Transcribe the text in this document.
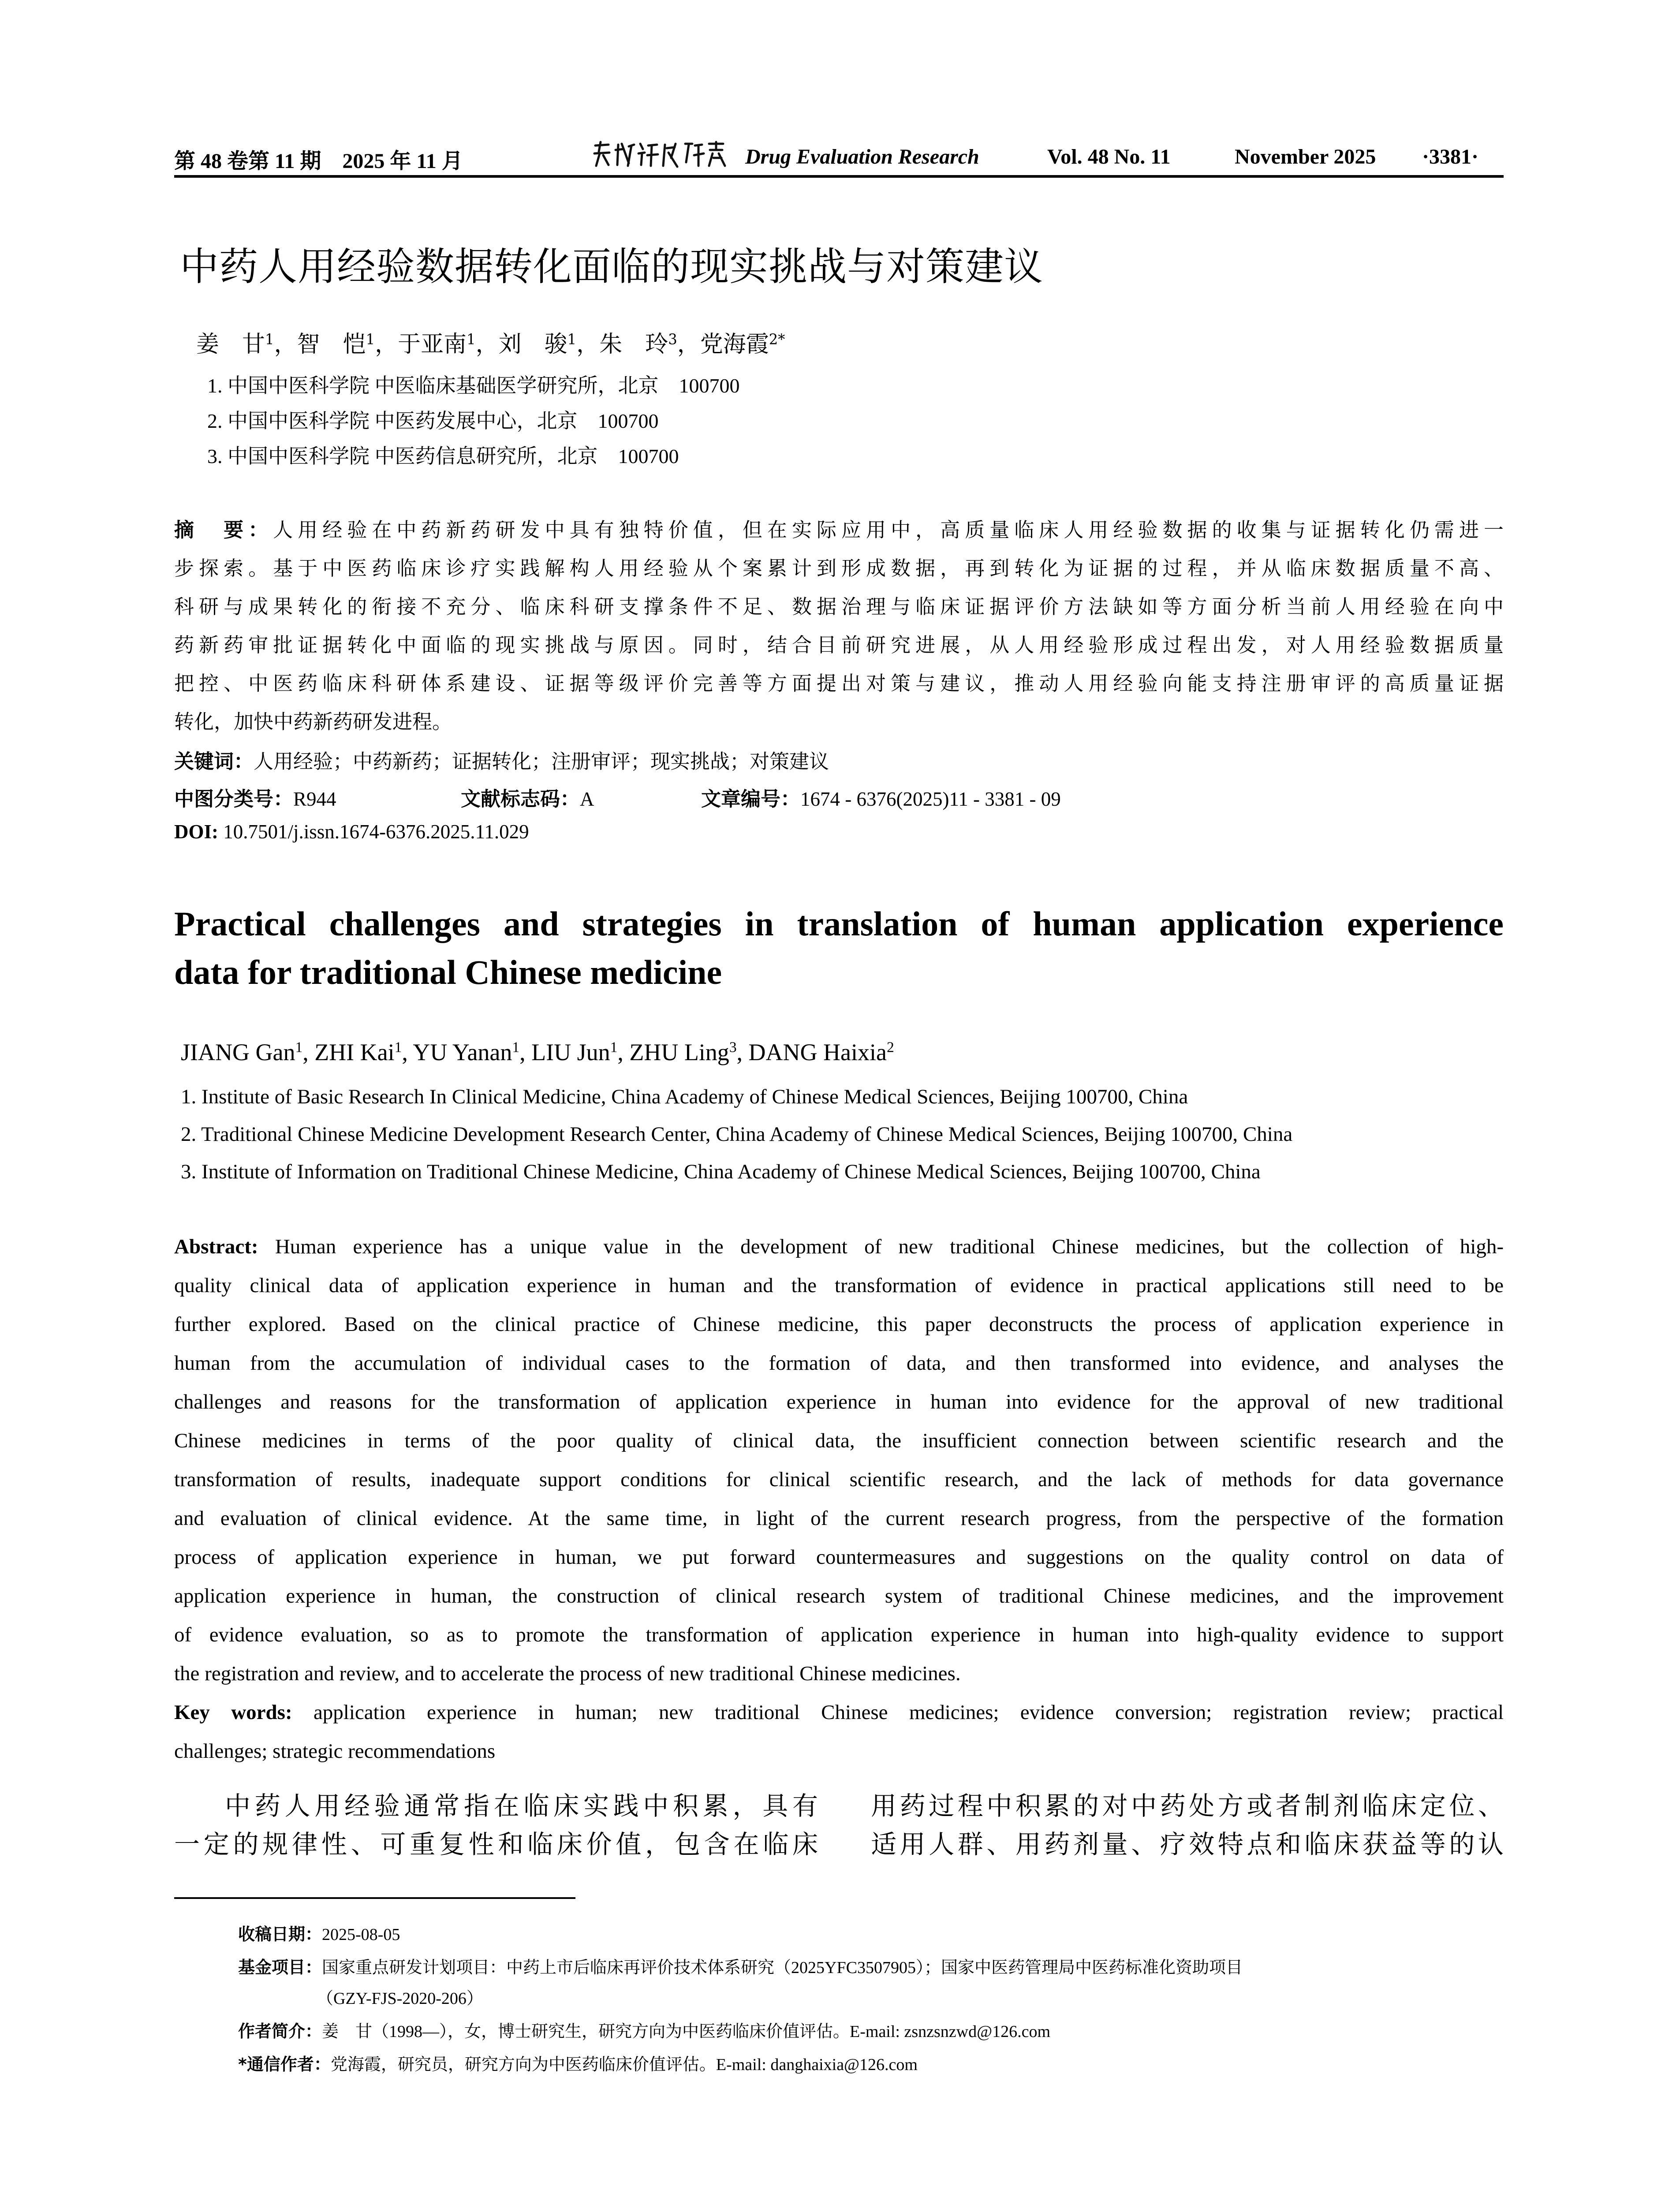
第 48 卷第 11 期　2025 年 11 月	Drug Evaluation Research	Vol. 48 No. 11	November 2025 ·3381·
中药人用经验数据转化面临的现实挑战与对策建议
姜　甘$^1$，智　恺$^1$，于亚南$^1$，刘　骏$^1$，朱　玲$^3$，党海霞$^{2*}$
1. 中国中医科学院 中医临床基础医学研究所，北京　100700
2. 中国中医科学院 中医药发展中心，北京　100700
3. 中国中医科学院 中医药信息研究所，北京　100700
摘　要：人用经验在中药新药研发中具有独特价值，但在实际应用中，高质量临床人用经验数据的收集与证据转化仍需进一
步探索。基于中医药临床诊疗实践解构人用经验从个案累计到形成数据，再到转化为证据的过程，并从临床数据质量不高、
科研与成果转化的衔接不充分、临床科研支撑条件不足、数据治理与临床证据评价方法缺如等方面分析当前人用经验在向中
药新药审批证据转化中面临的现实挑战与原因。同时，结合目前研究进展，从人用经验形成过程出发，对人用经验数据质量
把控、中医药临床科研体系建设、证据等级评价完善等方面提出对策与建议，推动人用经验向能支持注册审评的高质量证据
转化，加快中药新药研发进程。
关键词：人用经验；中药新药；证据转化；注册审评；现实挑战；对策建议
中图分类号：R944	文献标志码：A	文章编号：1674 - 6376(2025)11 - 3381 - 09
DOI: 10.7501/j.issn.1674-6376.2025.11.029
Practical challenges and strategies in translation of human application experience
data for traditional Chinese medicine
JIANG Gan$^1$, ZHI Kai$^1$, YU Yanan$^1$, LIU Jun$^1$, ZHU Ling$^3$, DANG Haixia$^2$
1. Institute of Basic Research In Clinical Medicine, China Academy of Chinese Medical Sciences, Beijing 100700, China
2. Traditional Chinese Medicine Development Research Center, China Academy of Chinese Medical Sciences, Beijing 100700, China
3. Institute of Information on Traditional Chinese Medicine, China Academy of Chinese Medical Sciences, Beijing 100700, China
Abstract: Human experience has a unique value in the development of new traditional Chinese medicines, but the collection of high-
quality clinical data of application experience in human and the transformation of evidence in practical applications still need to be
further explored. Based on the clinical practice of Chinese medicine, this paper deconstructs the process of application experience in
human from the accumulation of individual cases to the formation of data, and then transformed into evidence, and analyses the
challenges and reasons for the transformation of application experience in human into evidence for the approval of new traditional
Chinese medicines in terms of the poor quality of clinical data, the insufficient connection between scientific research and the
transformation of results, inadequate support conditions for clinical scientific research, and the lack of methods for data governance
and evaluation of clinical evidence. At the same time, in light of the current research progress, from the perspective of the formation
process of application experience in human, we put forward countermeasures and suggestions on the quality control on data of
application experience in human, the construction of clinical research system of traditional Chinese medicines, and the improvement
of evidence evaluation, so as to promote the transformation of application experience in human into high-quality evidence to support
the registration and review, and to accelerate the process of new traditional Chinese medicines.
Key words: application experience in human; new traditional Chinese medicines; evidence conversion; registration review; practical
challenges; strategic recommendations
中药人用经验通常指在临床实践中积累，具有
一定的规律性、可重复性和临床价值，包含在临床
用药过程中积累的对中药处方或者制剂临床定位、
适用人群、用药剂量、疗效特点和临床获益等的认
收稿日期：2025-08-05
基金项目：国家重点研发计划项目：中药上市后临床再评价技术体系研究（2025YFC3507905）；国家中医药管理局中医药标准化资助项目
（GZY-FJS-2020-206）
作者简介：姜　甘（1998—），女，博士研究生，研究方向为中医药临床价值评估。E-mail: zsnzsnzwd@126.com
*通信作者：党海霞，研究员，研究方向为中医药临床价值评估。E-mail: danghaixia@126.com
